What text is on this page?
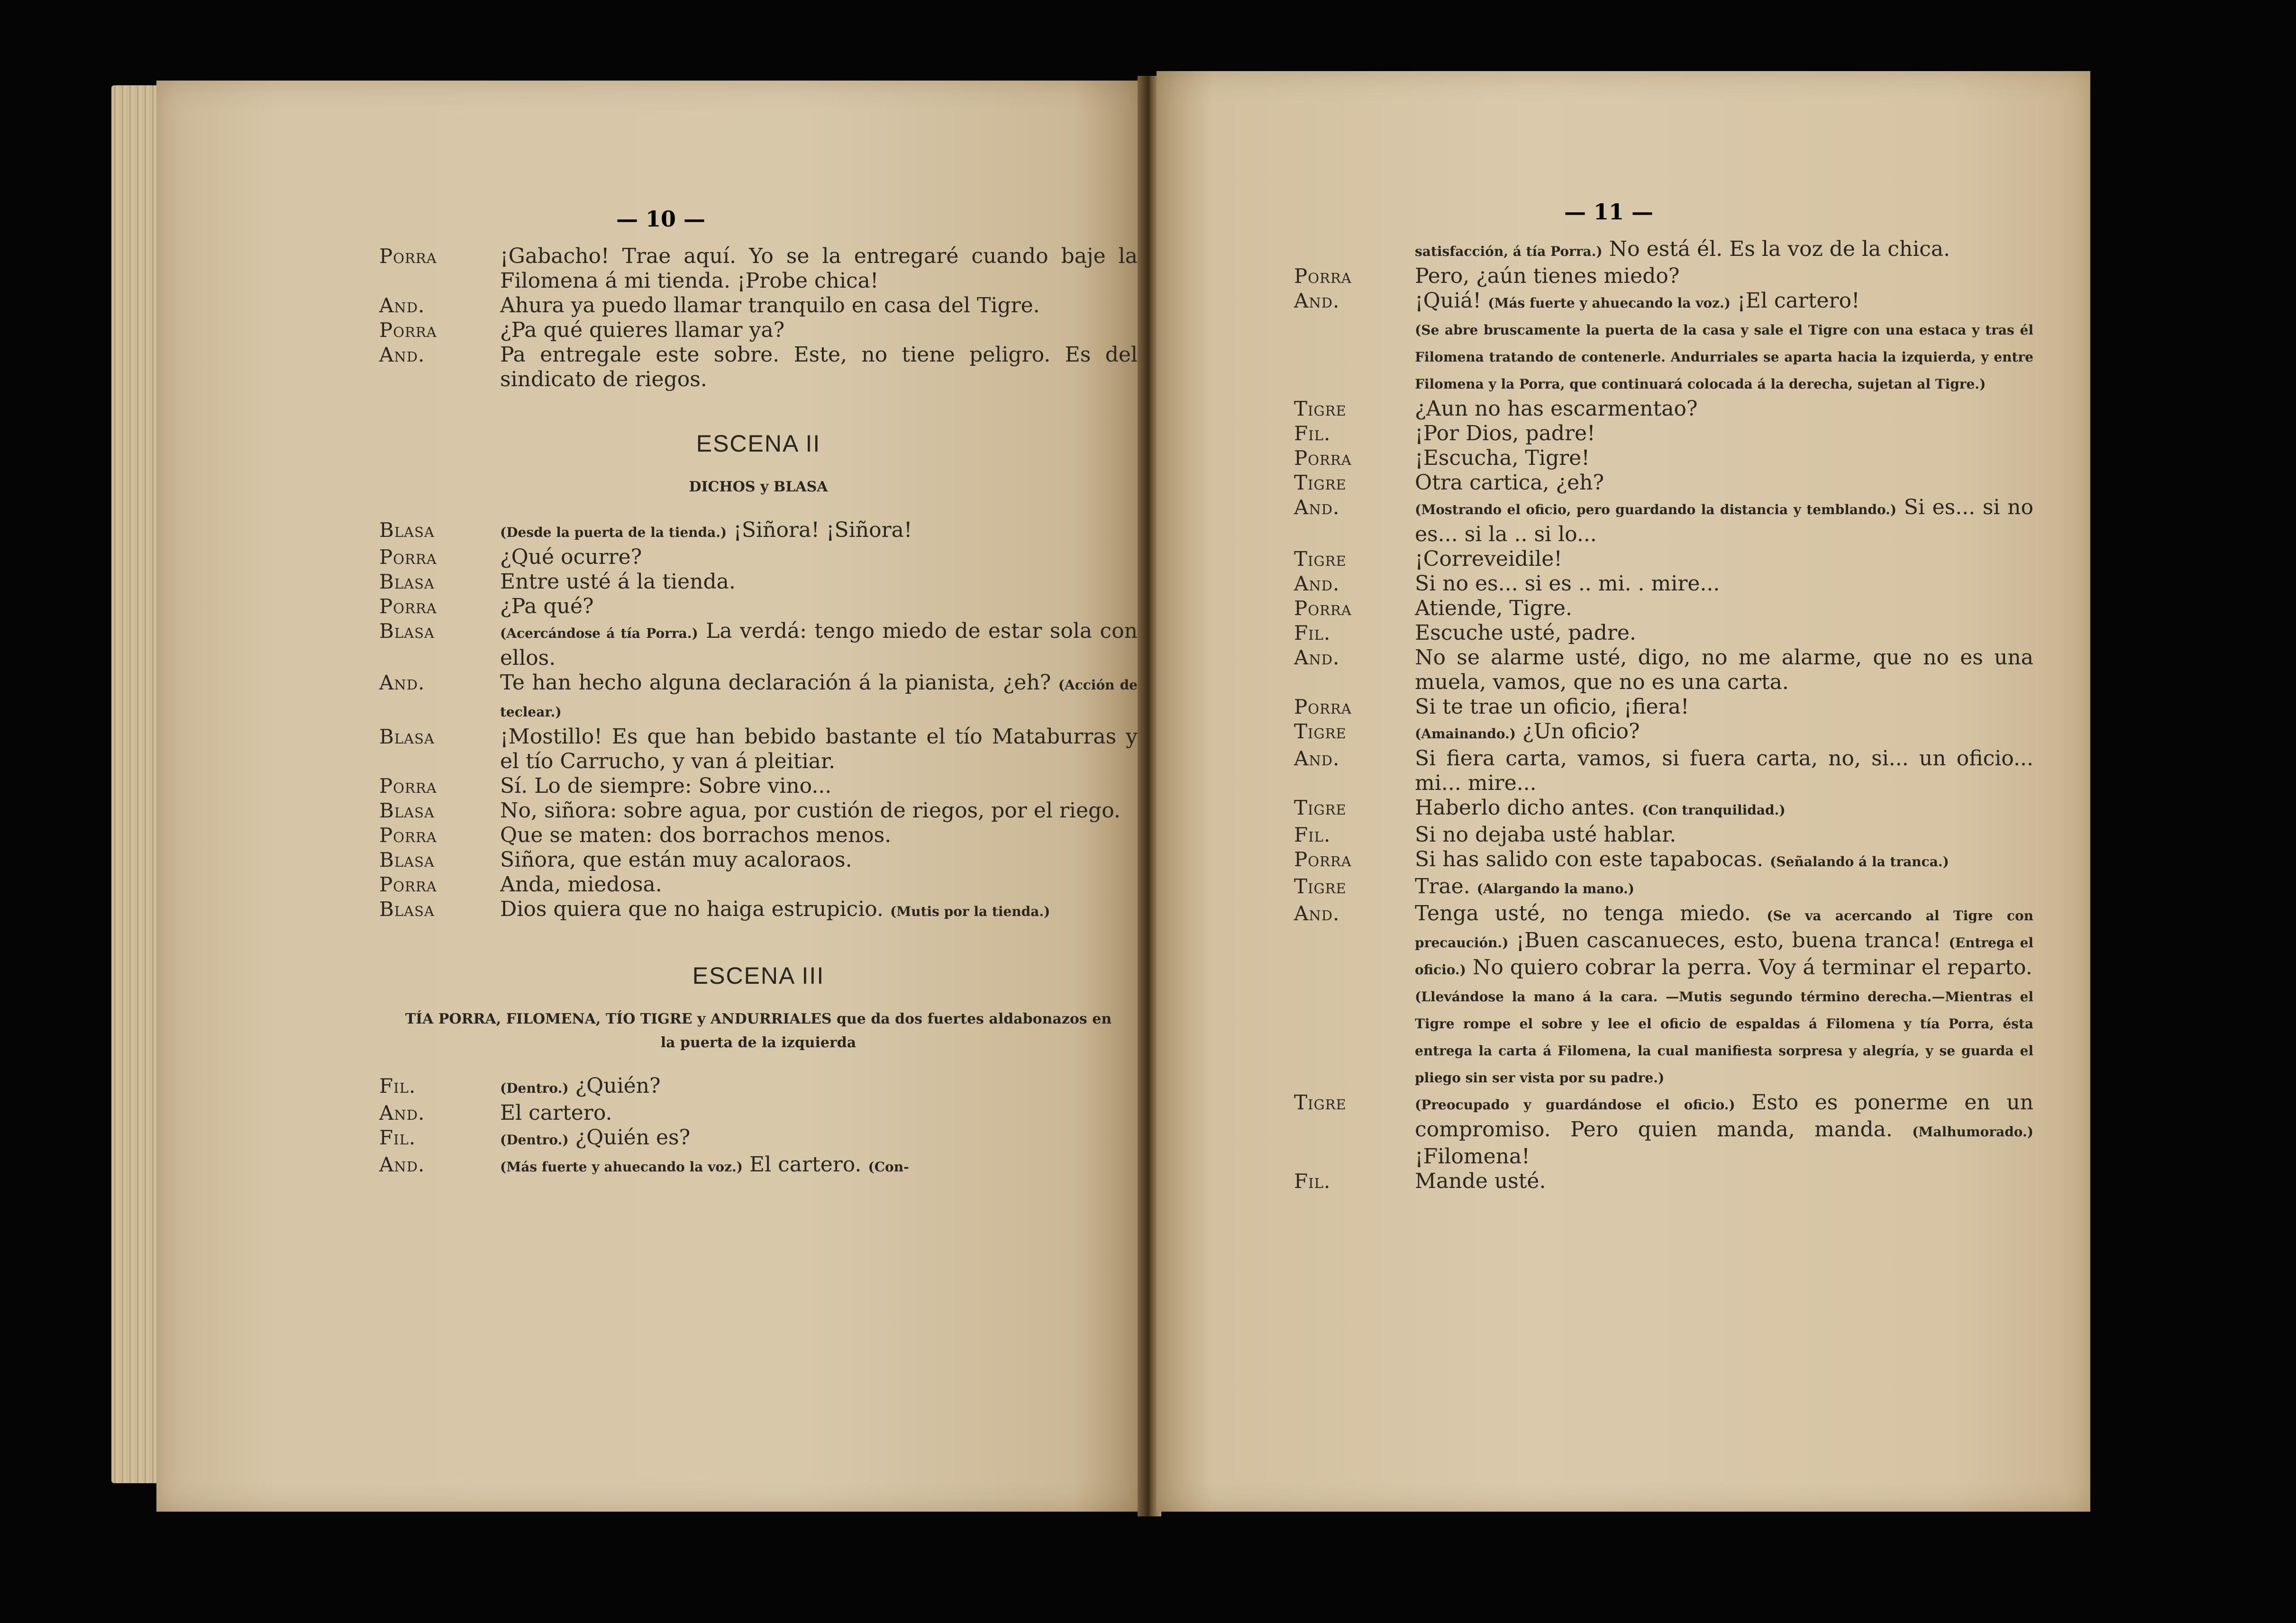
— 10 —
Porra	¡Gabacho! Trae aquí. Yo se la entregaré cuando baje la Filomena á mi tienda. ¡Probe chica!
And.	Ahura ya puedo llamar tranquilo en casa del Tigre.
Porra	¿Pa qué quieres llamar ya?
And.	Pa entregale este sobre. Este, no tiene peligro. Es del sindicato de riegos.
ESCENA II
DICHOS y BLASA
Blasa	(Desde la puerta de la tienda.) ¡Siñora! ¡Siñora!
Porra	¿Qué ocurre?
Blasa	Entre usté á la tienda.
Porra	¿Pa qué?
Blasa	(Acercándose á tía Porra.) La verdá: tengo miedo de estar sola con ellos.
And.	Te han hecho alguna declaración á la pianista, ¿eh? (Acción de teclear.)
Blasa	¡Mostillo! Es que han bebido bastante el tío Mataburras y el tío Carrucho, y van á pleitiar.
Porra	Sí. Lo de siempre: Sobre vino...
Blasa	No, siñora: sobre agua, por custión de riegos, por el riego.
Porra	Que se maten: dos borrachos menos.
Blasa	Siñora, que están muy acaloraos.
Porra	Anda, miedosa.
Blasa	Dios quiera que no haiga estrupicio. (Mutis por la tienda.)
ESCENA III
TÍA PORRA, FILOMENA, TÍO TIGRE y ANDURRIALES que da dos fuertes aldabonazos en la puerta de la izquierda
Fil.	(Dentro.) ¿Quién?
And.	El cartero.
Fil.	(Dentro.) ¿Quién es?
And.	(Más fuerte y ahuecando la voz.) El cartero. (Con-
— 11 —
satisfacción, á tía Porra.) No está él. Es la voz de la chica.
Porra	Pero, ¿aún tienes miedo?
And.	¡Quiá! (Más fuerte y ahuecando la voz.) ¡El cartero!
(Se abre bruscamente la puerta de la casa y sale el Tigre con una estaca y tras él Filomena tratando de contenerle. Andurriales se aparta hacia la izquierda, y entre Filomena y la Porra, que continuará colocada á la derecha, sujetan al Tigre.)
Tigre	¿Aun no has escarmentao?
Fil.	¡Por Dios, padre!
Porra	¡Escucha, Tigre!
Tigre	Otra cartica, ¿eh?
And.	(Mostrando el oficio, pero guardando la distancia y temblando.) Si es... si no es... si la .. si lo...
Tigre	¡Correveidile!
And.	Si no es... si es .. mi. . mire...
Porra	Atiende, Tigre.
Fil.	Escuche usté, padre.
And.	No se alarme usté, digo, no me alarme, que no es una muela, vamos, que no es una carta.
Porra	Si te trae un oficio, ¡fiera!
Tigre	(Amainando.) ¿Un oficio?
And.	Si fiera carta, vamos, si fuera carta, no, si... un oficio... mi... mire...
Tigre	Haberlo dicho antes. (Con tranquilidad.)
Fil.	Si no dejaba usté hablar.
Porra	Si has salido con este tapabocas. (Señalando á la tranca.)
Tigre	Trae. (Alargando la mano.)
And.	Tenga usté, no tenga miedo. (Se va acercando al Tigre con precaución.) ¡Buen cascanueces, esto, buena tranca! (Entrega el oficio.) No quiero cobrar la perra. Voy á terminar el reparto.
(Llevándose la mano á la cara. —Mutis segundo término derecha.—Mientras el Tigre rompe el sobre y lee el oficio de espaldas á Filomena y tía Porra, ésta entrega la carta á Filomena, la cual manifiesta sorpresa y alegría, y se guarda el pliego sin ser vista por su padre.)
Tigre	(Preocupado y guardándose el oficio.) Esto es ponerme en un compromiso. Pero quien manda, manda. (Malhumorado.) ¡Filomena!
Fil.	Mande usté.
